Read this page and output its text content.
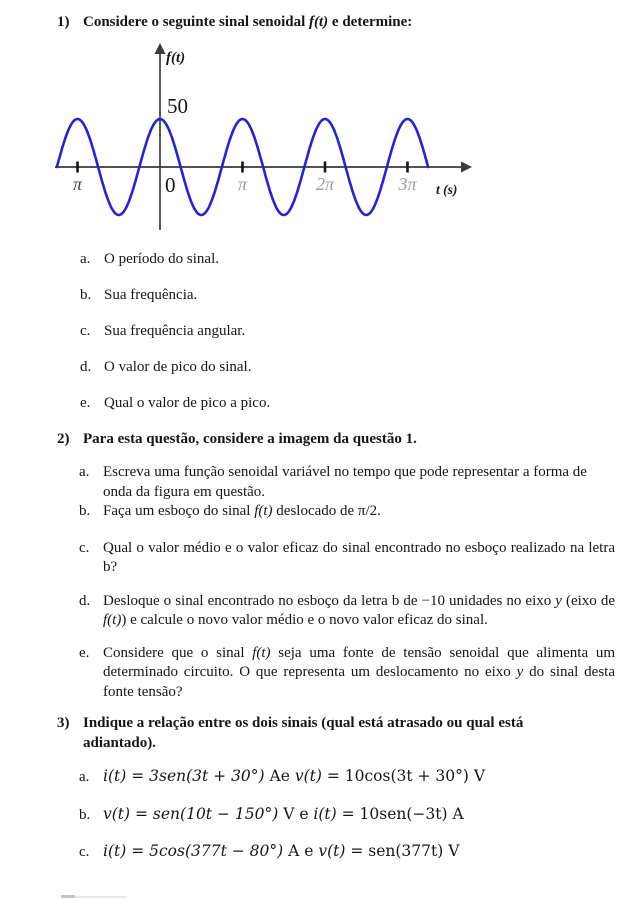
1) Considere o seguinte sinal senoidal f(t) e determine:
π	π	2π	3π
0
50
f(t)
t (s)
a. O período do sinal.
b. Sua frequência.
c. Sua frequência angular.
d. O valor de pico do sinal.
e. Qual o valor de pico a pico.
2) Para esta questão, considere a imagem da questão 1.
a. Escreva uma função senoidal variável no tempo que pode representar a forma de onda da figura em questão.
b. Faça um esboço do sinal f(t) deslocado de π/2.
c. Qual o valor médio e o valor eficaz do sinal encontrado no esboço realizado na letra b?
d. Desloque o sinal encontrado no esboço da letra b de −10 unidades no eixo y (eixo de f(t)) e calcule o novo valor médio e o novo valor eficaz do sinal.
e. Considere que o sinal f(t) seja uma fonte de tensão senoidal que alimenta um determinado circuito. O que representa um deslocamento no eixo y do sinal desta fonte tensão?
3) Indique a relação entre os dois sinais (qual está atrasado ou qual está adiantado).
a. i(t) = 3sen(3t + 30°) Ae v(t) = 10cos(3t + 30°) V
b. v(t) = sen(10t − 150°) V e i(t) = 10sen(−3t) A
c. i(t) = 5cos(377t − 80°) A e v(t) = sen(377t) V
